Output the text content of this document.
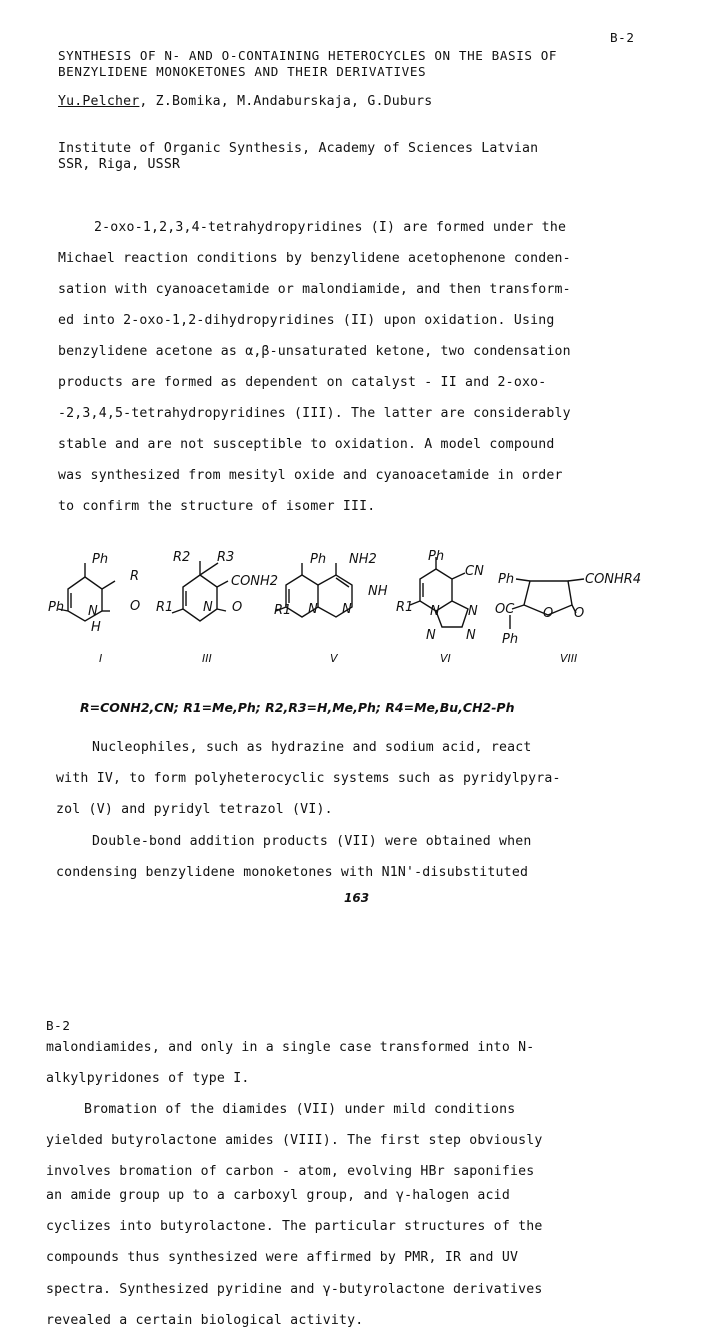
B-2
SYNTHESIS OF N- AND O-CONTAINING HETEROCYCLES ON THE BASIS OF
BENZYLIDENE MONOKETONES AND THEIR DERIVATIVES
Yu.Pelcher, Z.Bomika, M.Andaburskaja, G.Duburs
Institute of Organic Synthesis, Academy of Sciences Latvian
SSR, Riga, USSR
2-oxo-1,2,3,4-tetrahydropyridines (I) are formed under the
Michael reaction conditions by benzylidene acetophenone conden-
sation with cyanoacetamide or malondiamide, and then transform-
ed into 2-oxo-1,2-dihydropyridines (II) upon oxidation. Using
benzylidene acetone as α,β-unsaturated ketone, two condensation
products are formed as dependent on catalyst - II and 2-oxo-
-2,3,4,5-tetrahydropyridines (III). The latter are considerably
stable and are not susceptible to oxidation. A model compound
was synthesized from mesityl oxide and cyanoacetamide in order
to confirm the structure of isomer III.
Ph
R
Ph N
H
O
I
R2 R3
CONH2
R1 N O
III
Ph NH2
NH
R1 N N
V
Ph
CN
R1 N N
N N
VI
Ph	CONHR4
OC O O
Ph
VIII
R=CONH2,CN; R1=Me,Ph; R2,R3=H,Me,Ph; R4=Me,Bu,CH2-Ph
Nucleophiles, such as hydrazine and sodium acid, react
with IV, to form polyheterocyclic systems such as pyridylpyra-
zol (V) and pyridyl tetrazol (VI).
Double-bond addition products (VII) were obtained when
condensing benzylidene monoketones with N1N'-disubstituted
163
B-2
malondiamides, and only in a single case transformed into N-
alkylpyridones of type I.
Bromation of the diamides (VII) under mild conditions
yielded butyrolactone amides (VIII). The first step obviously
involves bromation of carbon - atom, evolving HBr saponifies
an amide group up to a carboxyl group, and γ-halogen acid
cyclizes into butyrolactone. The particular structures of the
compounds thus synthesized were affirmed by PMR, IR and UV
spectra. Synthesized pyridine and γ-butyrolactone derivatives
revealed a certain biological activity.
